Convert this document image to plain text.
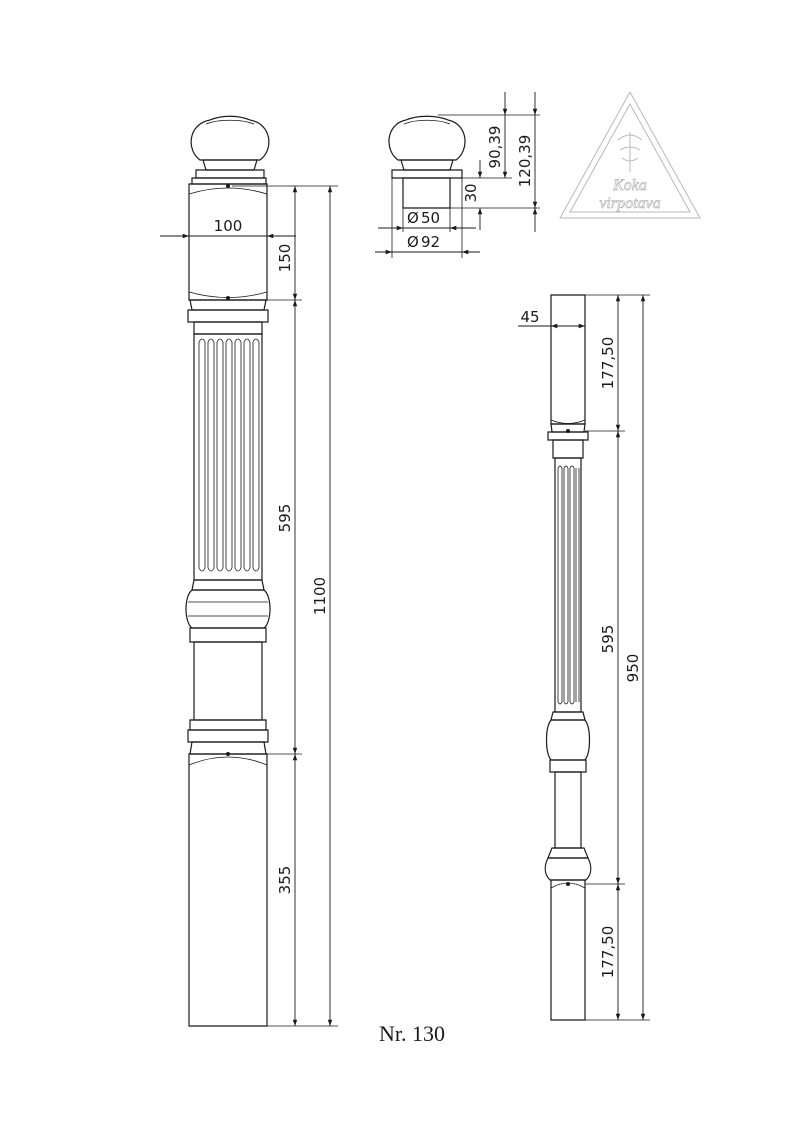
100
150
595
355
1100
90,39 120,39
30
Ø 50
Ø 92
Koka
virpotava
45
177,50
595
177,50
950
Nr. 130
